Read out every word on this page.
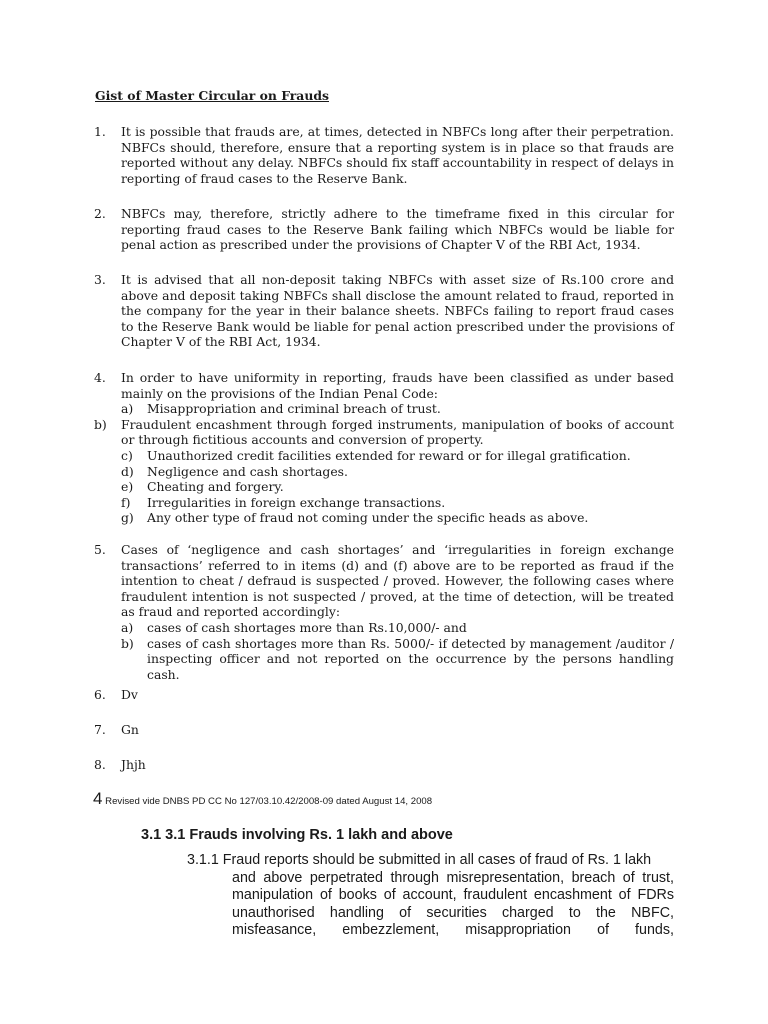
Gist of Master Circular on Frauds
1. It is possible that frauds are, at times, detected in NBFCs long after their perpetration. NBFCs should, therefore, ensure that a reporting system is in place so that frauds are reported without any delay. NBFCs should fix staff accountability in respect of delays in reporting of fraud cases to the Reserve Bank.
2. NBFCs may, therefore, strictly adhere to the timeframe fixed in this circular for reporting fraud cases to the Reserve Bank failing which NBFCs would be liable for penal action as prescribed under the provisions of Chapter V of the RBI Act, 1934.
3. It is advised that all non-deposit taking NBFCs with asset size of Rs.100 crore and above and deposit taking NBFCs shall disclose the amount related to fraud, reported in the company for the year in their balance sheets. NBFCs failing to report fraud cases to the Reserve Bank would be liable for penal action prescribed under the provisions of Chapter V of the RBI Act, 1934.
4. In order to have uniformity in reporting, frauds have been classified as under based mainly on the provisions of the Indian Penal Code:
a) Misappropriation and criminal breach of trust.
b) Fraudulent encashment through forged instruments, manipulation of books of account or through fictitious accounts and conversion of property.
c) Unauthorized credit facilities extended for reward or for illegal gratification.
d) Negligence and cash shortages.
e) Cheating and forgery.
f) Irregularities in foreign exchange transactions.
g) Any other type of fraud not coming under the specific heads as above.
5. Cases of ‘negligence and cash shortages’ and ‘irregularities in foreign exchange transactions’ referred to in items (d) and (f) above are to be reported as fraud if the intention to cheat / defraud is suspected / proved. However, the following cases where fraudulent intention is not suspected / proved, at the time of detection, will be treated as fraud and reported accordingly:
a) cases of cash shortages more than Rs.10,000/- and
b) cases of cash shortages more than Rs. 5000/- if detected by management /auditor / inspecting officer and not reported on the occurrence by the persons handling cash.
6. Dv
7. Gn
8. Jhjh
4 Revised vide DNBS PD CC No 127/03.10.42/2008-09 dated August 14, 2008
3.1 3.1 Frauds involving Rs. 1 lakh and above
3.1.1 Fraud reports should be submitted in all cases of fraud of Rs. 1 lakh
and above perpetrated through misrepresentation, breach of trust, manipulation of books of account, fraudulent encashment of FDRs unauthorised handling of securities charged to the NBFC, misfeasance, embezzlement, misappropriation of funds,
